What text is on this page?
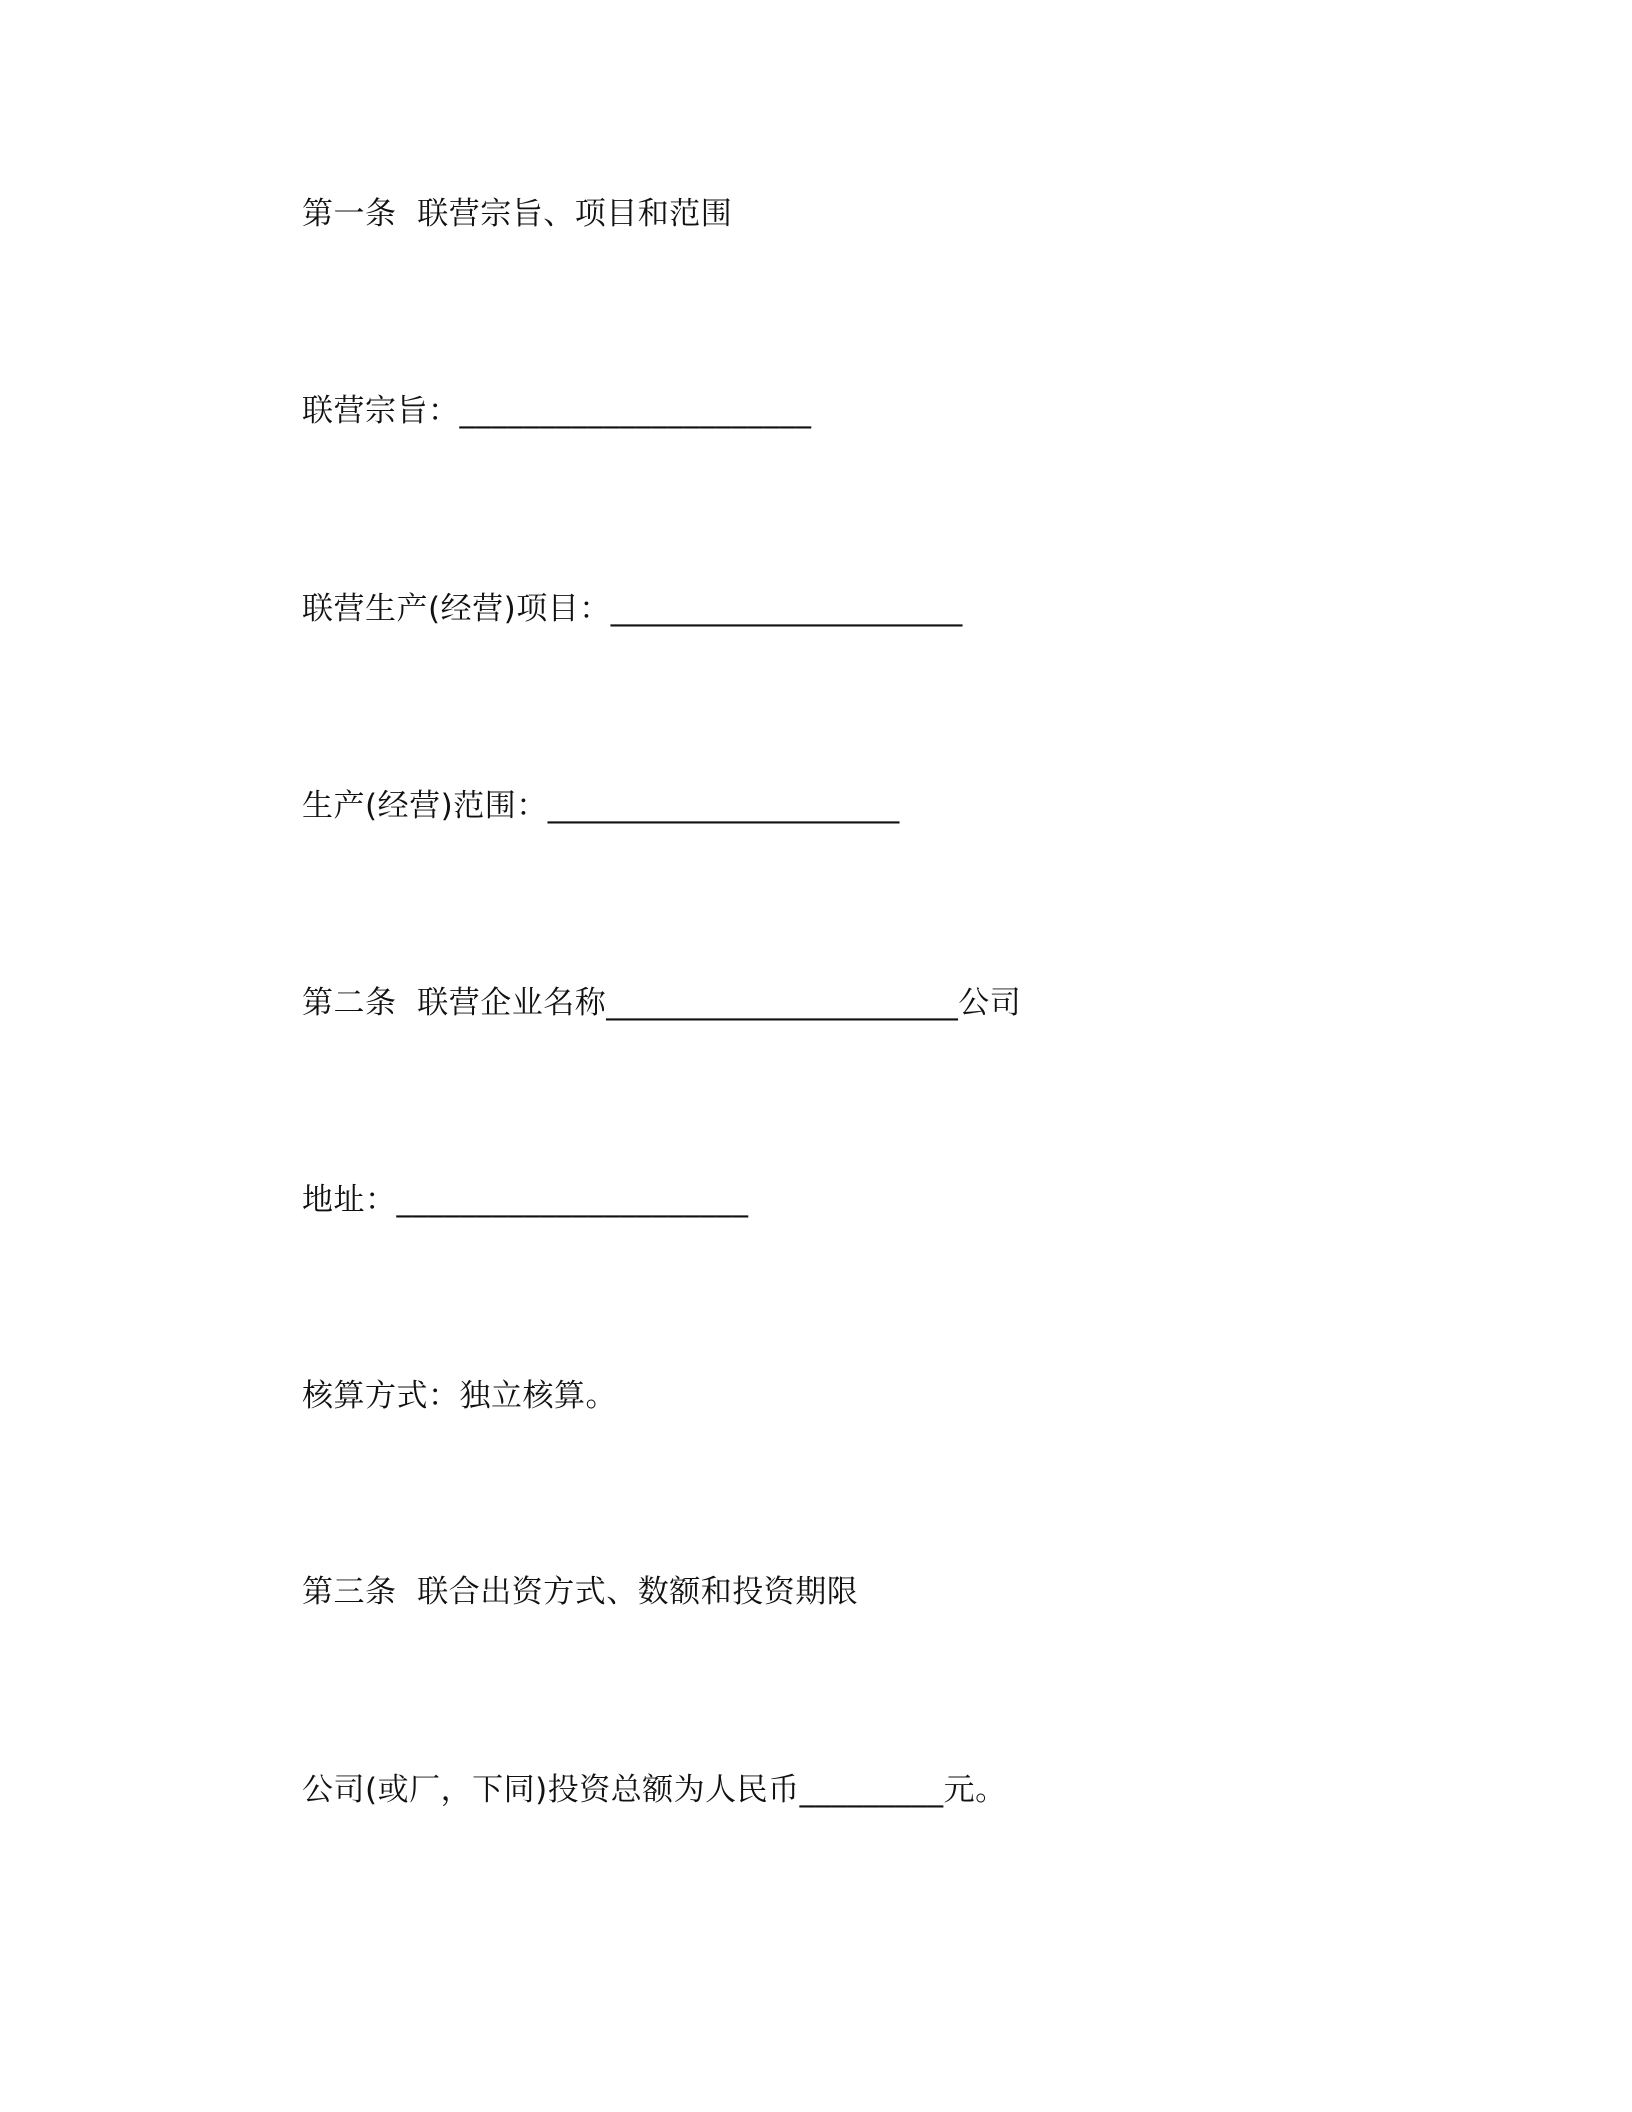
第一条  联营宗旨、项目和范围
联营宗旨：______________________
联营生产(经营)项目：______________________
生产(经营)范围：______________________
第二条  联营企业名称______________________公司
地址：______________________
核算方式：独立核算。
第三条  联合出资方式、数额和投资期限
公司(或厂，下同)投资总额为人民币_________元。
